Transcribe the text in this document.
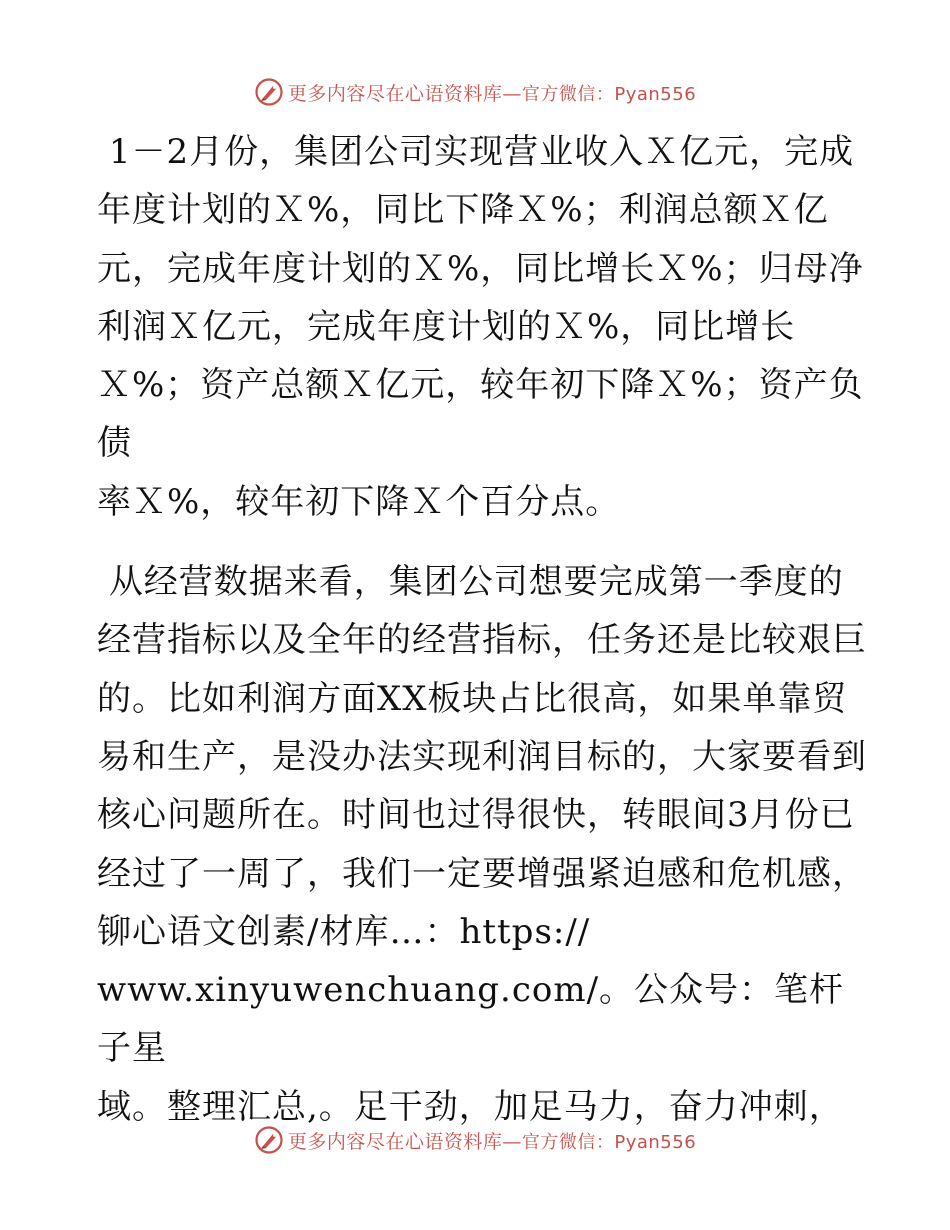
更多内容尽在心语资料库—官方微信：Pyan556

1－2月份，集团公司实现营业收入Ｘ亿元，完成
年度计划的Ｘ%，同比下降Ｘ%；利润总额Ｘ亿
元，完成年度计划的Ｘ%，同比增长Ｘ%；归母净
利润Ｘ亿元，完成年度计划的Ｘ%，同比增长
Ｘ%；资产总额Ｘ亿元，较年初下降Ｘ%；资产负债
率Ｘ%，较年初下降Ｘ个百分点。

从经营数据来看，集团公司想要完成第一季度的
经营指标以及全年的经营指标，任务还是比较艰巨
的。比如利润方面XX板块占比很高，如果单靠贸
易和生产，是没办法实现利润目标的，大家要看到
核心问题所在。时间也过得很快，转眼间3月份已
经过了一周了，我们一定要增强紧迫感和危机感，
铆心语文创素/材库…：https://
www.xinyuwenchuang.com/。公众号：笔杆子星
域。整理汇总,。足干劲，加足马力，奋力冲刺，

更多内容尽在心语资料库—官方微信：Pyan556
